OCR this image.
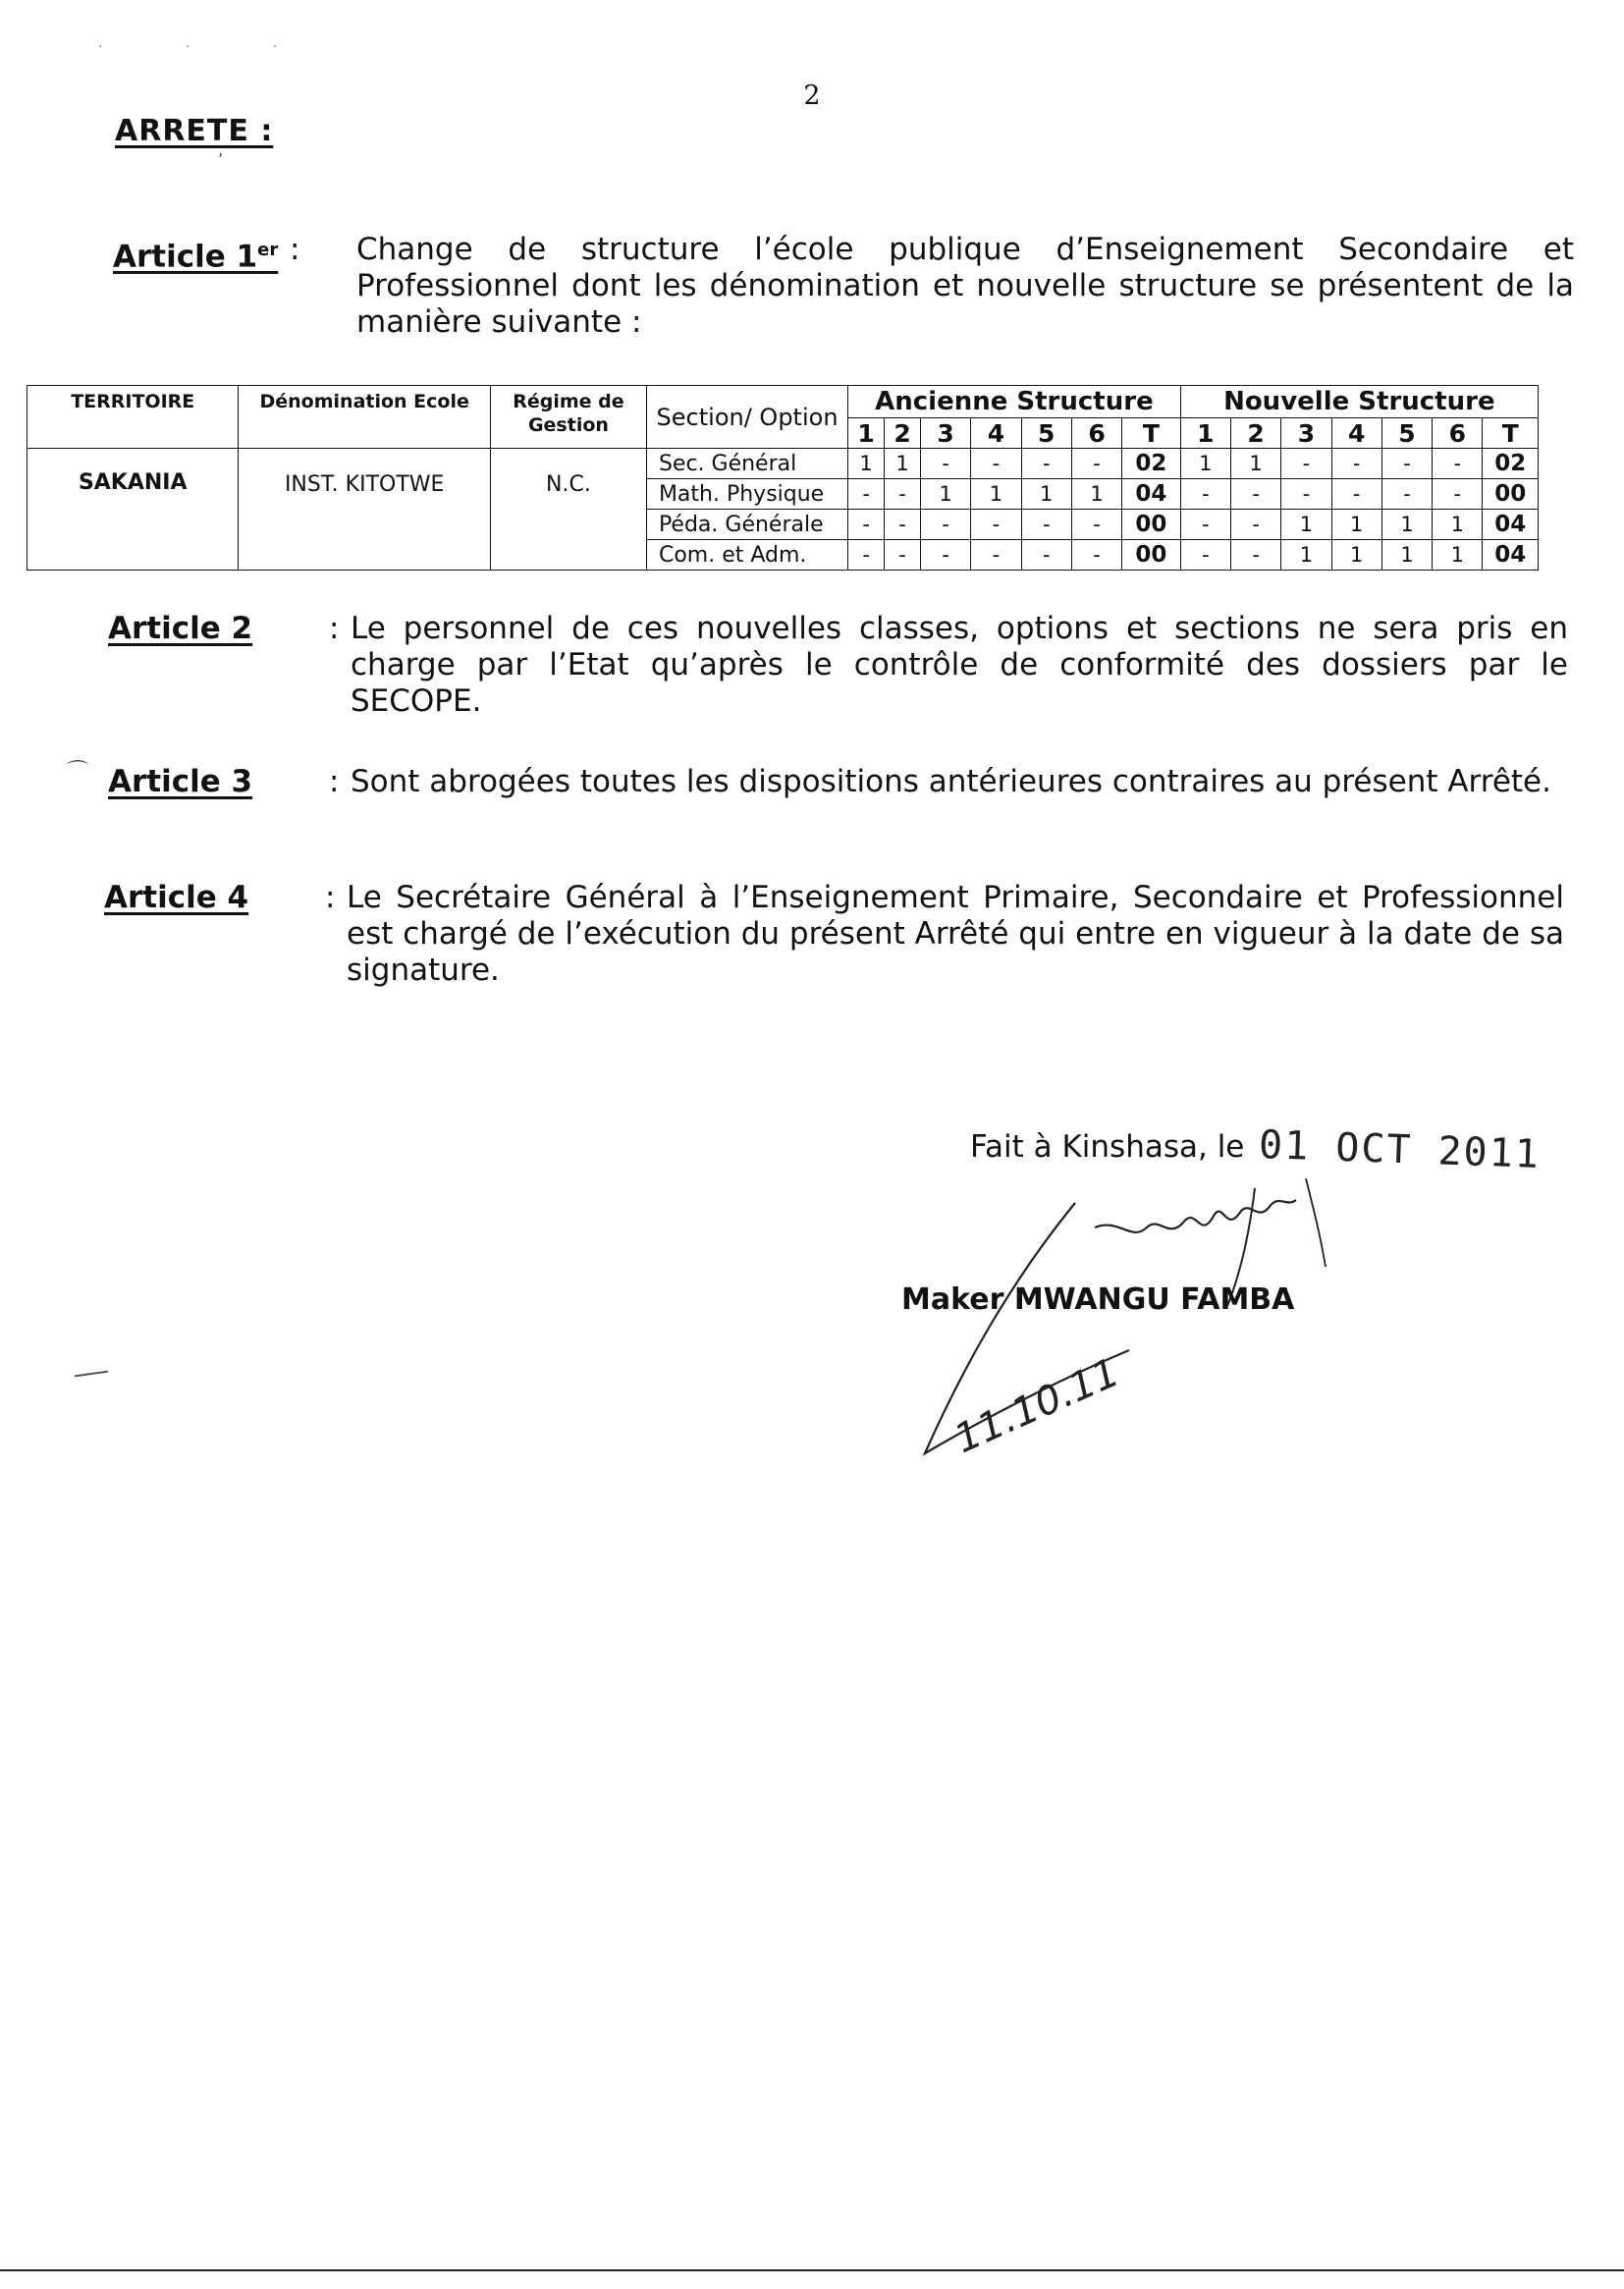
· · ·
2
ARRETE :
ʼ
Article 1er : Change de structure l’école publique d’Enseignement Secondaire et Professionnel dont les dénomination et nouvelle structure se présentent de la manière suivante :
TERRITOIRE	Dénomination Ecole	Régime de Gestion	Section/ Option	Ancienne Structure							Nouvelle Structure						
				1	2	3	4	5	6	T	1	2	3	4	5	6	T
SAKANIA	INST. KITOTWE	N.C.	Sec. Général	1	1	-	-	-	-	02	1	1	-	-	-	-	02
			Math. Physique	-	-	1	1	1	1	04	-	-	-	-	-	-	00
			Péda. Générale	-	-	-	-	-	-	00	-	-	1	1	1	1	04
			Com. et Adm.	-	-	-	-	-	-	00	-	-	1	1	1	1	04
Article 2	: Le personnel de ces nouvelles classes, options et sections ne sera pris en charge par l’Etat qu’après le contrôle de conformité des dossiers par le SECOPE.
⌒ Article 3	: Sont abrogées toutes les dispositions antérieures contraires au présent Arrêté.
Article 4	: Le Secrétaire Général à l’Enseignement Primaire, Secondaire et Professionnel est chargé de l’exécution du présent Arrêté qui entre en vigueur à la date de sa signature.
Fait à Kinshasa, le 01 OCT 2011
Maker MWANGU FAMBA
11.10.11
